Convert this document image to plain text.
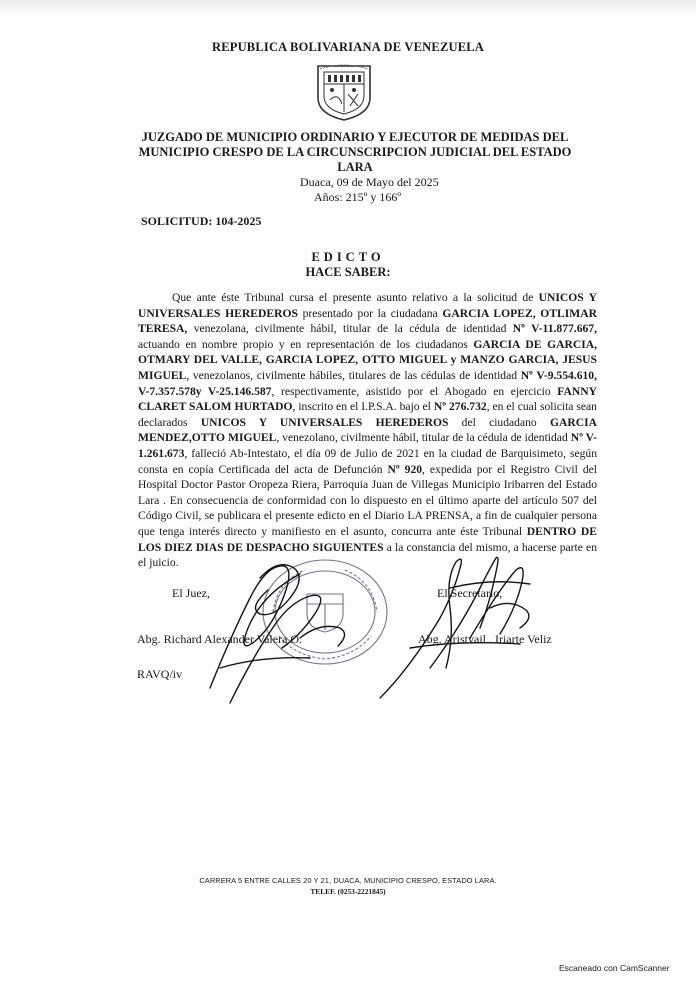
REPUBLICA BOLIVARIANA DE VENEZUELA
JUZGADO DE MUNICIPIO ORDINARIO Y EJECUTOR DE MEDIDAS DEL
MUNICIPIO CRESPO DE LA CIRCUNSCRIPCION JUDICIAL DEL ESTADO LARA
Duaca, 09 de Mayo del 2025
Años: 215º y 166º
SOLICITUD: 104-2025
EDICTO
HACE SABER:
Que ante éste Tribunal cursa el presente asunto relativo a la solicitud de UNICOS Y UNIVERSALES HEREDEROS presentado por la ciudadana GARCIA LOPEZ, OTLIMAR TERESA, venezolana, civilmente hábil, titular de la cédula de identidad Nº V-11.877.667, actuando en nombre propio y en representación de los ciudadanos GARCIA DE GARCIA, OTMARY DEL VALLE, GARCIA LOPEZ, OTTO MIGUEL y MANZO GARCIA, JESUS MIGUEL, venezolanos, civilmente hábiles, titulares de las cédulas de identidad Nº V-9.554.610, V-7.357.578y V-25.146.587, respectivamente, asistido por el Abogado en ejercicio FANNY CLARET SALOM HURTADO, inscrito en el I.P.S.A. bajo el Nº 276.732, en el cual solicita sean declarados UNICOS Y UNIVERSALES HEREDEROS del ciudadano GARCIA MENDEZ,OTTO MIGUEL, venezolano, civilmente hábil, titular de la cédula de identidad Nº V-1.261.673, falleció Ab-Intestato, el día 09 de Julio de 2021 en la ciudad de Barquisimeto, según consta en copía Certificada del acta de Defunción Nº 920, expedida por el Registro Civil del Hospital Doctor Pastor Oropeza Riera, Parroquia Juan de Villegas Municipio Iribarren del Estado Lara . En consecuencia de conformidad con lo dispuesto en el último aparte del artículo 507 del Código Civil, se publicara el presente edicto en el Diario LA PRENSA, a fin de cualquier persona que tenga interés directo y manifiesto en el asunto, concurra ante éste Tribunal DENTRO DE LOS DIEZ DIAS DE DESPACHO SIGUIENTES a la constancia del mismo, a hacerse parte en el juicio.
El Juez,	El Secretario,
Abg. Richard Alexander Valera O.	Abg. Aristvail . Iriarte Veliz
RAVQ/iv
CARRERA 5 ENTRE CALLES 20 Y 21, DUACA, MUNICIPIO CRESPO, ESTADO LARA.
TELEF. (0253-2221845)
Escaneado con CamScanner
